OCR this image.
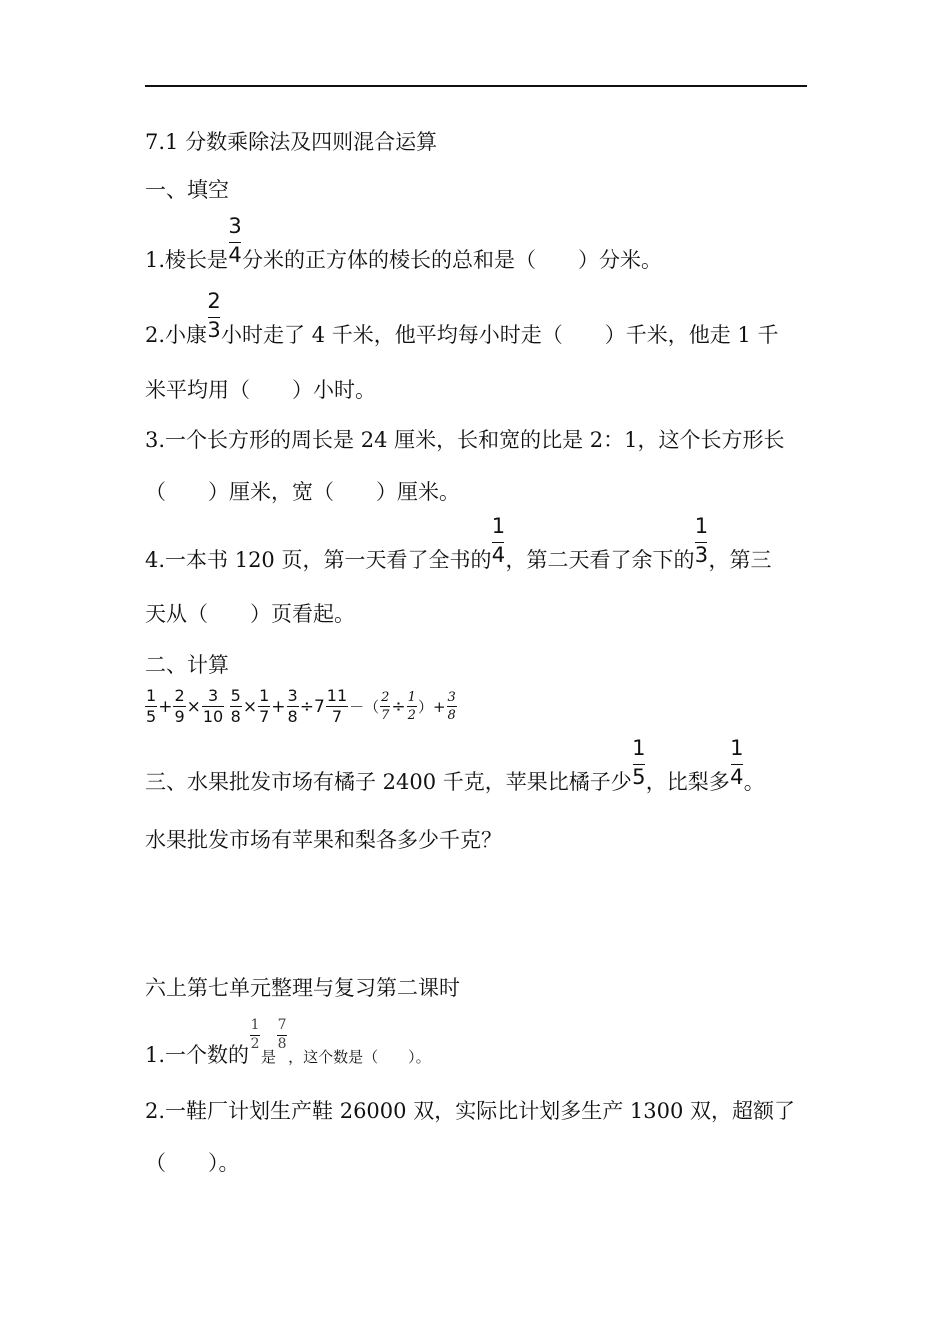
7.1 分数乘除法及四则混合运算
一、填空
1.棱长是 $\frac{3}{4}$ 分米的正方体的棱长的总和是（　　）分米。
2.小康 $\frac{2}{3}$ 小时走了 4 千米，他平均每小时走（　　）千米，他走 1 千
米平均用（　　）小时。
3.一个长方形的周长是 24 厘米，长和宽的比是 2：1，这个长方形长
（　　）厘米，宽（　　）厘米。
4.一本书 120 页，第一天看了全书的 $\frac{1}{4}$ ，第二天看了余下的 $\frac{1}{3}$ ，第三
天从（　　）页看起。
二、计算
$\frac{1}{5} + \frac{2}{9} \times \frac{3}{10}$
$\frac{5}{8} \times \frac{1}{7} + \frac{3}{8} \div 7 \frac{11}{7}$ －（ $\frac{2}{7} \div \frac{1}{2}$ ）+ $\frac{3}{8}$
三、水果批发市场有橘子 2400 千克，苹果比橘子少 $\frac{1}{5}$ ，比梨多 $\frac{1}{4}$ 。
水果批发市场有苹果和梨各多少千克？
六上第七单元整理与复习第二课时
1.一个数的 $\frac{1}{2}$ 是 $\frac{7}{8}$ ，这个数是（　　）。
2.一鞋厂计划生产鞋 26000 双，实际比计划多生产 1300 双，超额了
（　　）。
